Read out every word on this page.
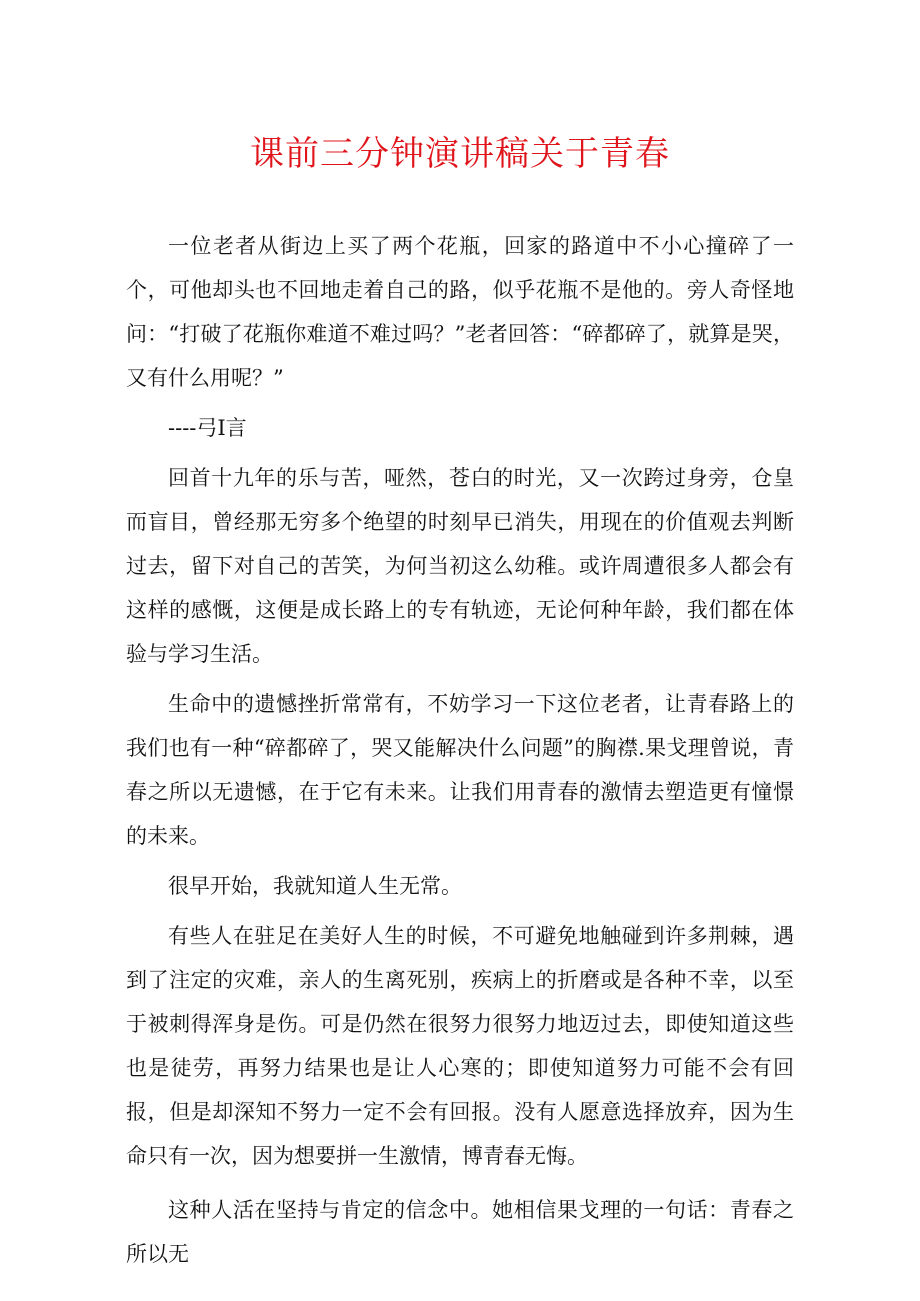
课前三分钟演讲稿关于青春

一位老者从街边上买了两个花瓶，回家的路道中不小心撞碎了一个，可他却头也不回地走着自己的路，似乎花瓶不是他的。旁人奇怪地问：“打破了花瓶你难道不难过吗？”老者回答：“碎都碎了，就算是哭，又有什么用呢？”

----弓I言

回首十九年的乐与苦，哑然，苍白的时光，又一次跨过身旁，仓皇而盲目，曾经那无穷多个绝望的时刻早已消失，用现在的价值观去判断过去，留下对自己的苦笑，为何当初这么幼稚。或许周遭很多人都会有这样的感慨，这便是成长路上的专有轨迹，无论何种年龄，我们都在体验与学习生活。

生命中的遗憾挫折常常有，不妨学习一下这位老者，让青春路上的我们也有一种“碎都碎了，哭又能解决什么问题”的胸襟.果戈理曾说，青春之所以无遗憾，在于它有未来。让我们用青春的激情去塑造更有憧憬的未来。

很早开始，我就知道人生无常。

有些人在驻足在美好人生的时候，不可避免地触碰到许多荆棘，遇到了注定的灾难，亲人的生离死别，疾病上的折磨或是各种不幸，以至于被刺得浑身是伤。可是仍然在很努力很努力地迈过去，即使知道这些也是徒劳，再努力结果也是让人心寒的；即使知道努力可能不会有回报，但是却深知不努力一定不会有回报。没有人愿意选择放弃，因为生命只有一次，因为想要拼一生激情，博青春无悔。

这种人活在坚持与肯定的信念中。她相信果戈理的一句话：青春之所以无
